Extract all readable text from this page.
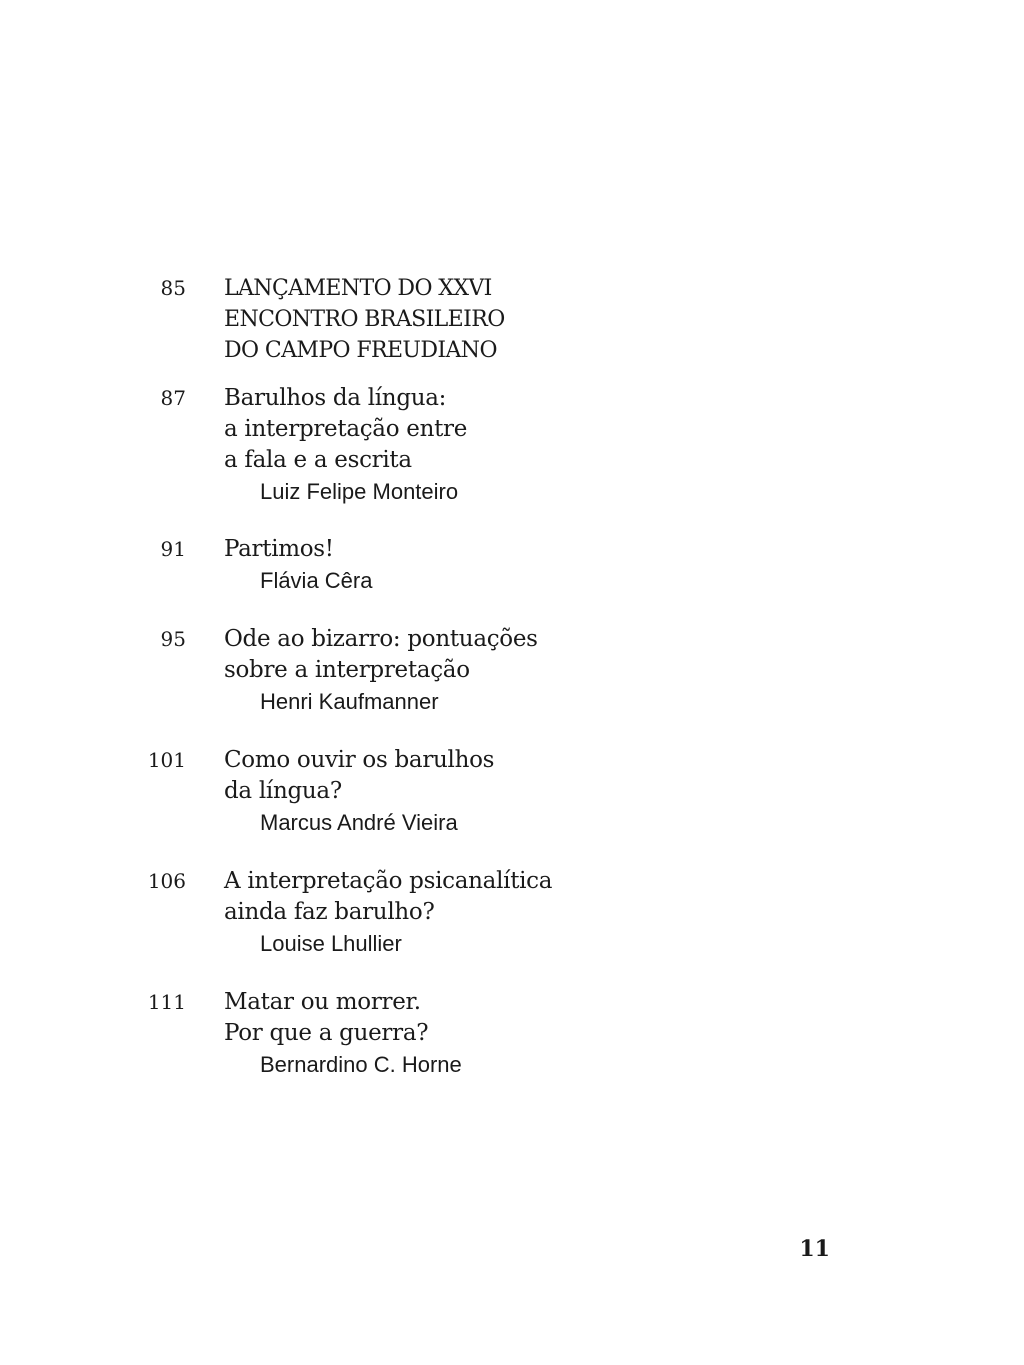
85 LANÇAMENTO DO XXVI
ENCONTRO BRASILEIRO
DO CAMPO FREUDIANO
87 Barulhos da língua:
a interpretação entre
a fala e a escrita
Luiz Felipe Monteiro
91 Partimos!
Flávia Cêra
95 Ode ao bizarro: pontuações
sobre a interpretação
Henri Kaufmanner
101 Como ouvir os barulhos
da língua?
Marcus André Vieira
106 A interpretação psicanalítica
ainda faz barulho?
Louise Lhullier
111 Matar ou morrer.
Por que a guerra?
Bernardino C. Horne
11
